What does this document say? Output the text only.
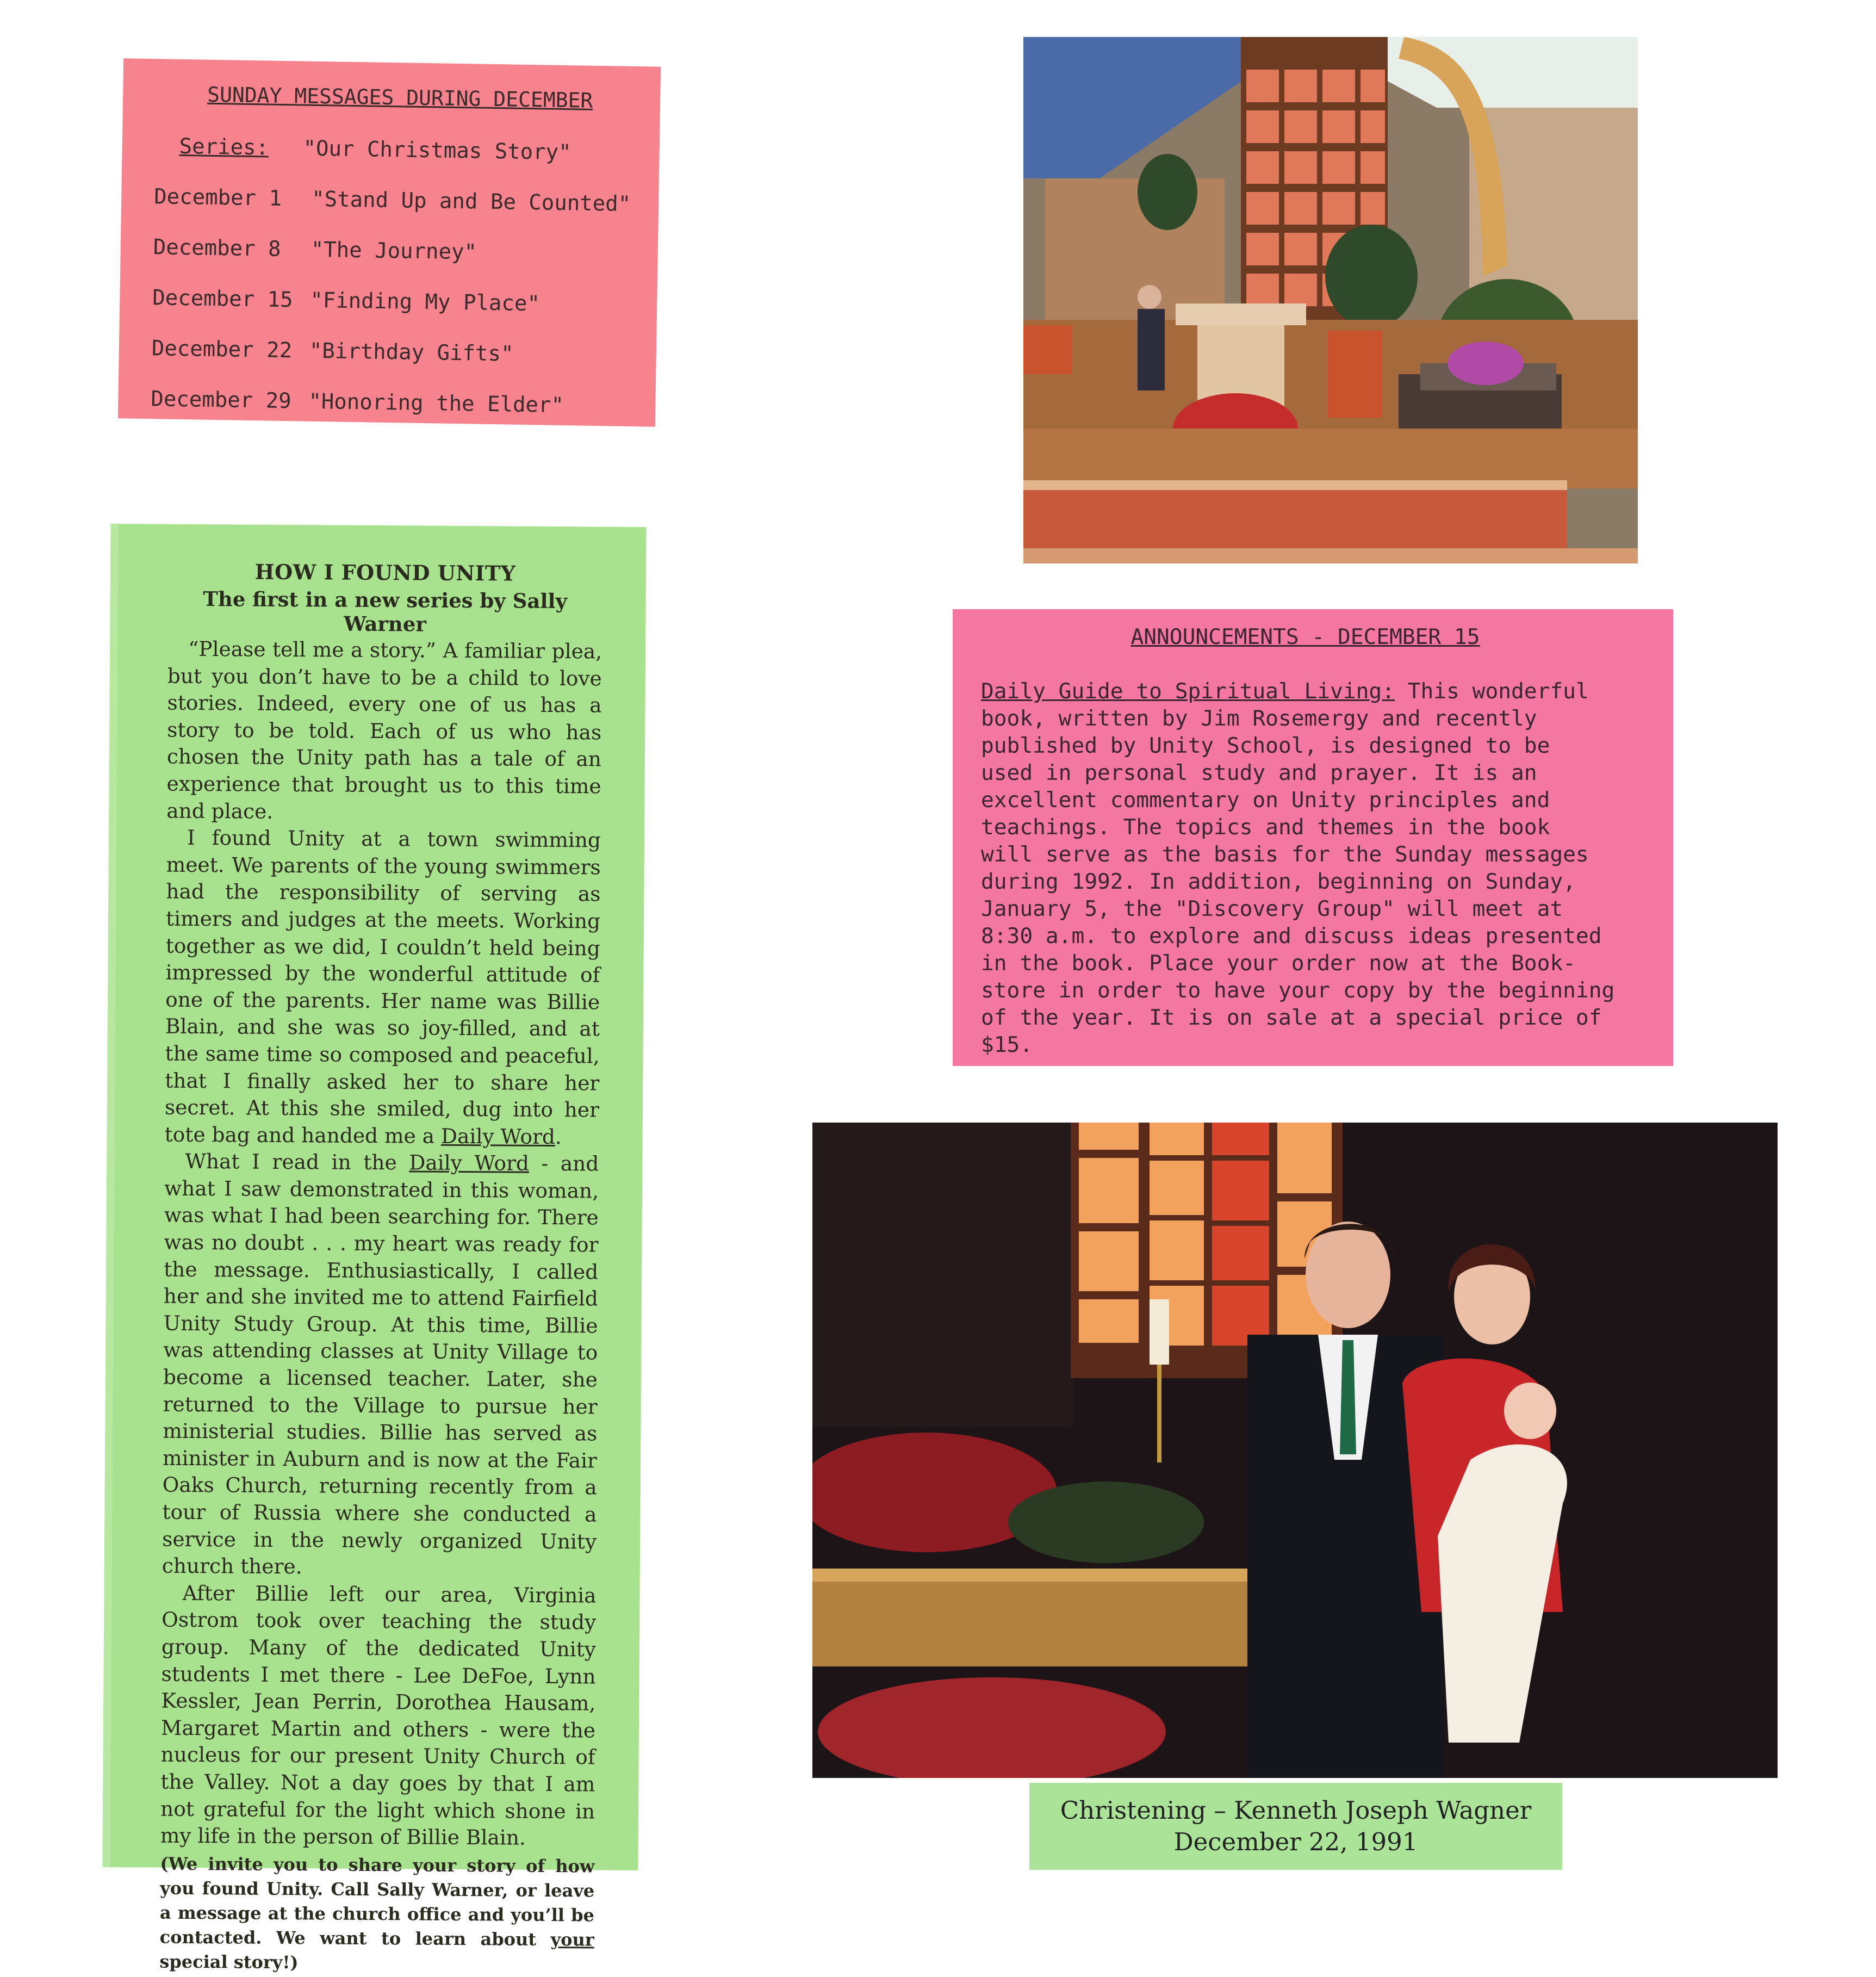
SUNDAY MESSAGES DURING DECEMBER
Series: "Our Christmas Story"
December 1	"Stand Up and Be Counted"
December 8	"The Journey"
December 15 "Finding My Place"
December 22 "Birthday Gifts"
December 29 "Honoring the Elder"
HOW I FOUND UNITY
The first in a new series by Sally Warner

“Please tell me a story.” A familiar plea, but you don’t have to be a child to love stories. Indeed, every one of us has a story to be told. Each of us who has chosen the Unity path has a tale of an experience that brought us to this time and place.

I found Unity at a town swimming meet. We parents of the young swimmers had the responsibility of serving as timers and judges at the meets. Working together as we did, I couldn’t held being impressed by the wonderful attitude of one of the parents. Her name was Billie Blain, and she was so joy-filled, and at the same time so composed and peaceful, that I finally asked her to share her secret. At this she smiled, dug into her tote bag and handed me a Daily Word.

What I read in the Daily Word - and what I saw demonstrated in this woman, was what I had been searching for. There was no doubt . . . my heart was ready for the message. Enthusiastically, I called her and she invited me to attend Fairfield Unity Study Group. At this time, Billie was attending classes at Unity Village to become a licensed teacher. Later, she returned to the Village to pursue her ministerial studies. Billie has served as minister in Auburn and is now at the Fair Oaks Church, returning recently from a tour of Russia where she conducted a service in the newly organized Unity church there.

After Billie left our area, Virginia Ostrom took over teaching the study group. Many of the dedicated Unity students I met there - Lee DeFoe, Lynn Kessler, Jean Perrin, Dorothea Hausam, Margaret Martin and others - were the nucleus for our present Unity Church of the Valley. Not a day goes by that I am not grateful for the light which shone in my life in the person of Billie Blain.

(We invite you to share your story of how you found Unity. Call Sally Warner, or leave a message at the church office and you’ll be contacted. We want to learn about your special story!)
ANNOUNCEMENTS - DECEMBER 15
Daily Guide to Spiritual Living: This wonderful
book, written by Jim Rosemergy and recently
published by Unity School, is designed to be
used in personal study and prayer. It is an
excellent commentary on Unity principles and
teachings. The topics and themes in the book
will serve as the basis for the Sunday messages
during 1992. In addition, beginning on Sunday,
January 5, the "Discovery Group" will meet at
8:30 a.m. to explore and discuss ideas presented
in the book. Place your order now at the Book-
store in order to have your copy by the beginning
of the year. It is on sale at a special price of
$15.
Christening – Kenneth Joseph Wagner
December 22, 1991
